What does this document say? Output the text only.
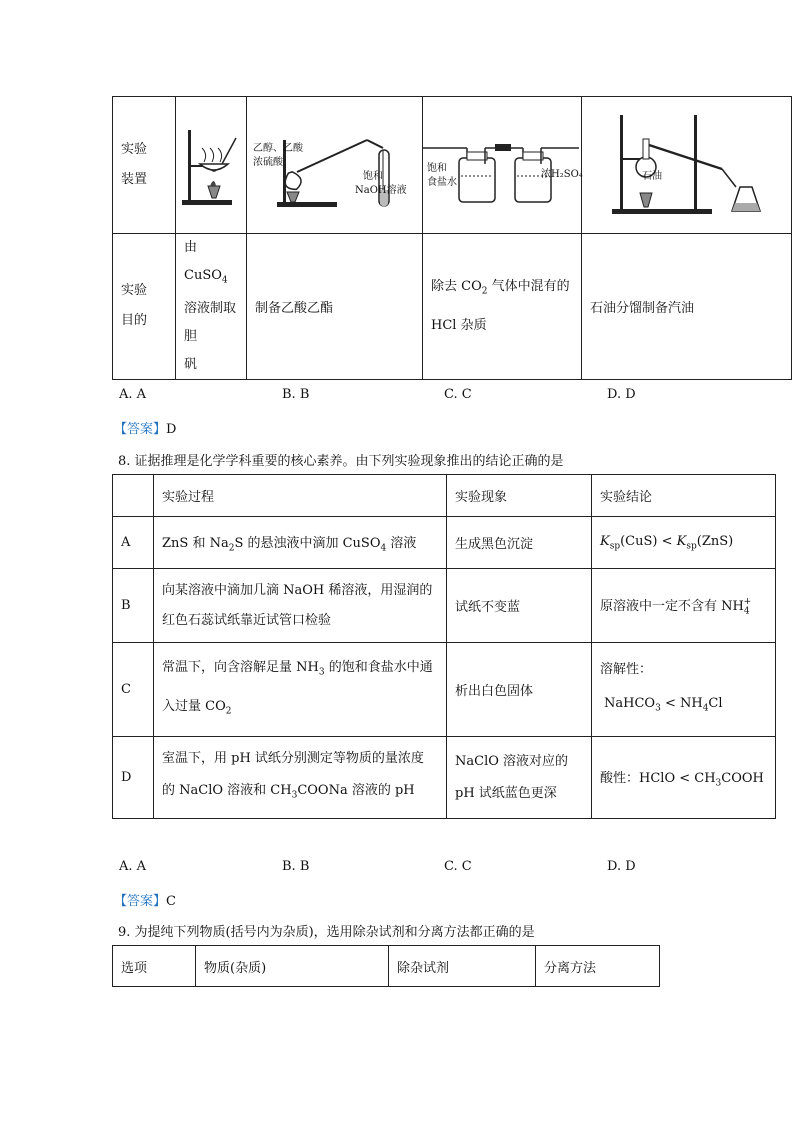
实验装置		乙醇、乙酸
浓硫酸
饱和
NaOH溶液	饱和
食盐水
浓H₂SO₄	石油

实验目的	由 CuSO$_4$
溶液制取胆
矾	制备乙酸乙酯	除去 $CO_2$ 气体中混有的
HCl 杂质	石油分馏制备汽油
A. A	B. B	C. C	D. D
【答案】D
8. 证据推理是化学学科重要的核心素养。由下列实验现象推出的结论正确的是
	实验过程	实验现象	实验结论
A	ZnS 和 $Na_2S$ 的悬浊液中滴加 CuSO$_4$ 溶液	生成黑色沉淀	$K_{sp}(CuS) < K_{sp}(ZnS)$
B	向某溶液中滴加几滴 NaOH 稀溶液，用湿润的
红色石蕊试纸靠近试管口检验	试纸不变蓝	原溶液中一定不含有 $NH_4^+$
C	常温下，向含溶解足量 $NH_3$ 的饱和食盐水中通
入过量 $CO_2$	析出白色固体	溶解性：
NaHCO$_3$ < $NH_4Cl$
D	室温下，用 pH 试纸分别测定等物质的量浓度
的 NaClO 溶液和 $CH_3COONa$ 溶液的 pH	NaClO 溶液对应的
pH 试纸蓝色更深	酸性：HClO < $CH_3COOH$
A. A	B. B	C. C	D. D
【答案】C
9. 为提纯下列物质(括号内为杂质)，选用除杂试剂和分离方法都正确的是
选项	物质(杂质)	除杂试剂	分离方法
